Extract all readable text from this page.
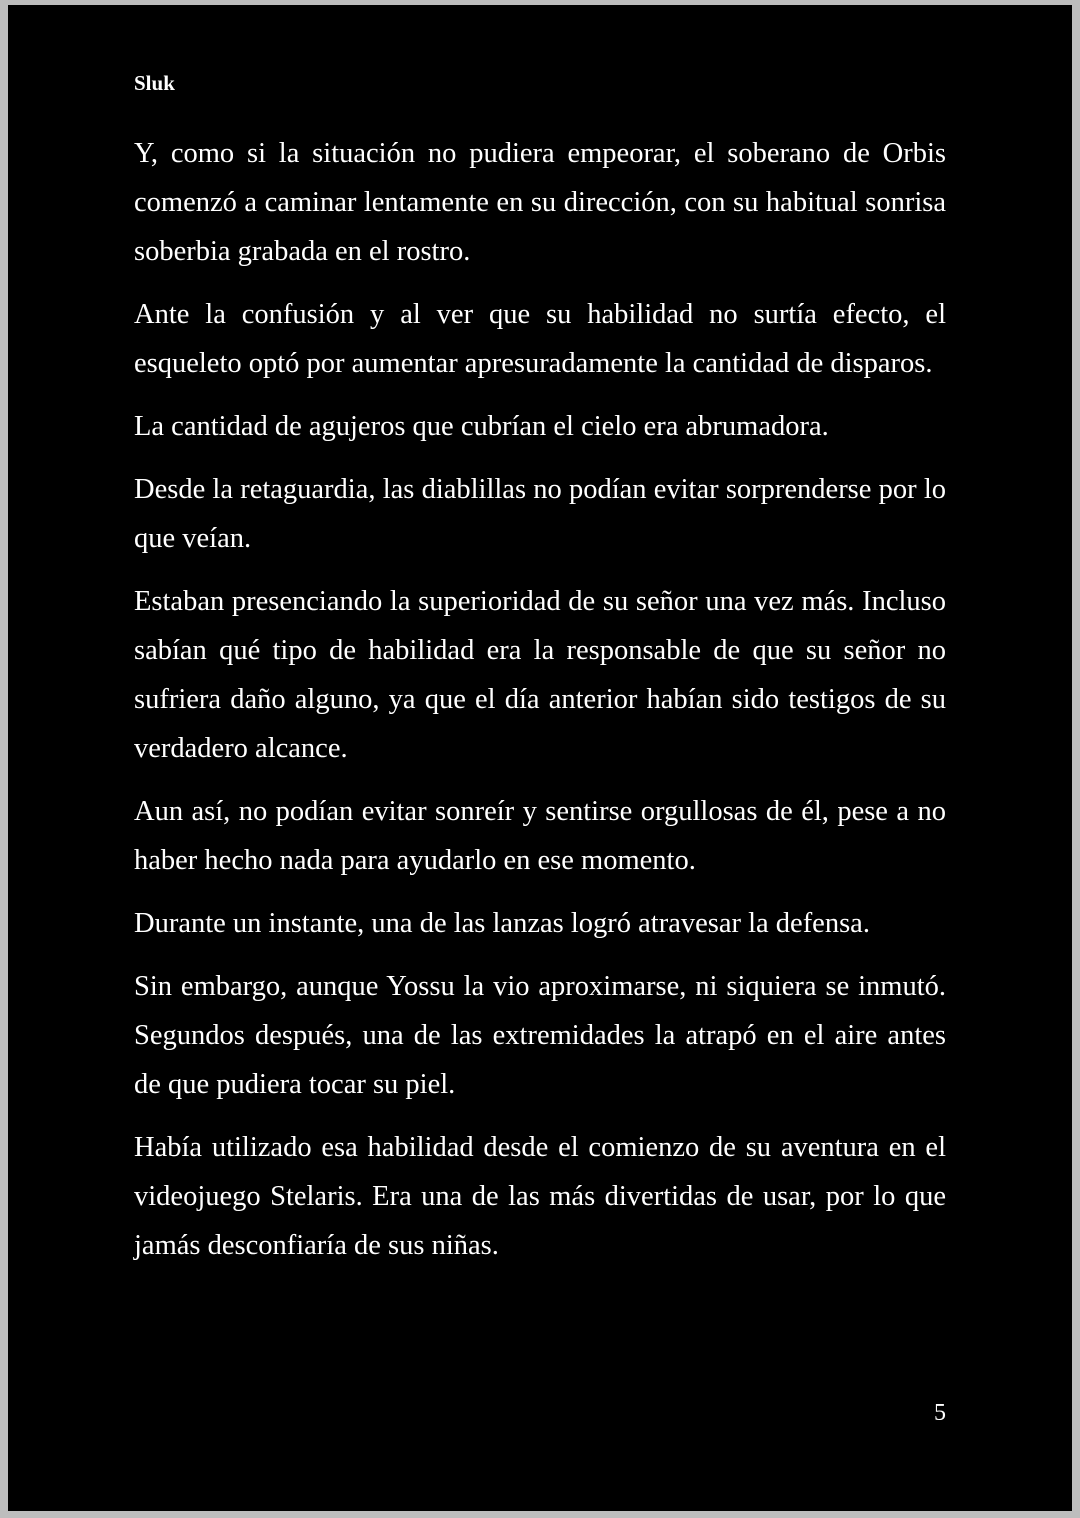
Sluk

Y, como si la situación no pudiera empeorar, el soberano de Orbis comenzó a caminar lentamente en su dirección, con su habitual sonrisa soberbia grabada en el rostro.

Ante la confusión y al ver que su habilidad no surtía efecto, el esqueleto optó por aumentar apresuradamente la cantidad de disparos.

La cantidad de agujeros que cubrían el cielo era abrumadora.

Desde la retaguardia, las diablillas no podían evitar sorprenderse por lo que veían.

Estaban presenciando la superioridad de su señor una vez más. Incluso sabían qué tipo de habilidad era la responsable de que su señor no sufriera daño alguno, ya que el día anterior habían sido testigos de su verdadero alcance.

Aun así, no podían evitar sonreír y sentirse orgullosas de él, pese a no haber hecho nada para ayudarlo en ese momento.

Durante un instante, una de las lanzas logró atravesar la defensa.

Sin embargo, aunque Yossu la vio aproximarse, ni siquiera se inmutó. Segundos después, una de las extremidades la atrapó en el aire antes de que pudiera tocar su piel.

Había utilizado esa habilidad desde el comienzo de su aventura en el videojuego Stelaris. Era una de las más divertidas de usar, por lo que jamás desconfiaría de sus niñas.

5
